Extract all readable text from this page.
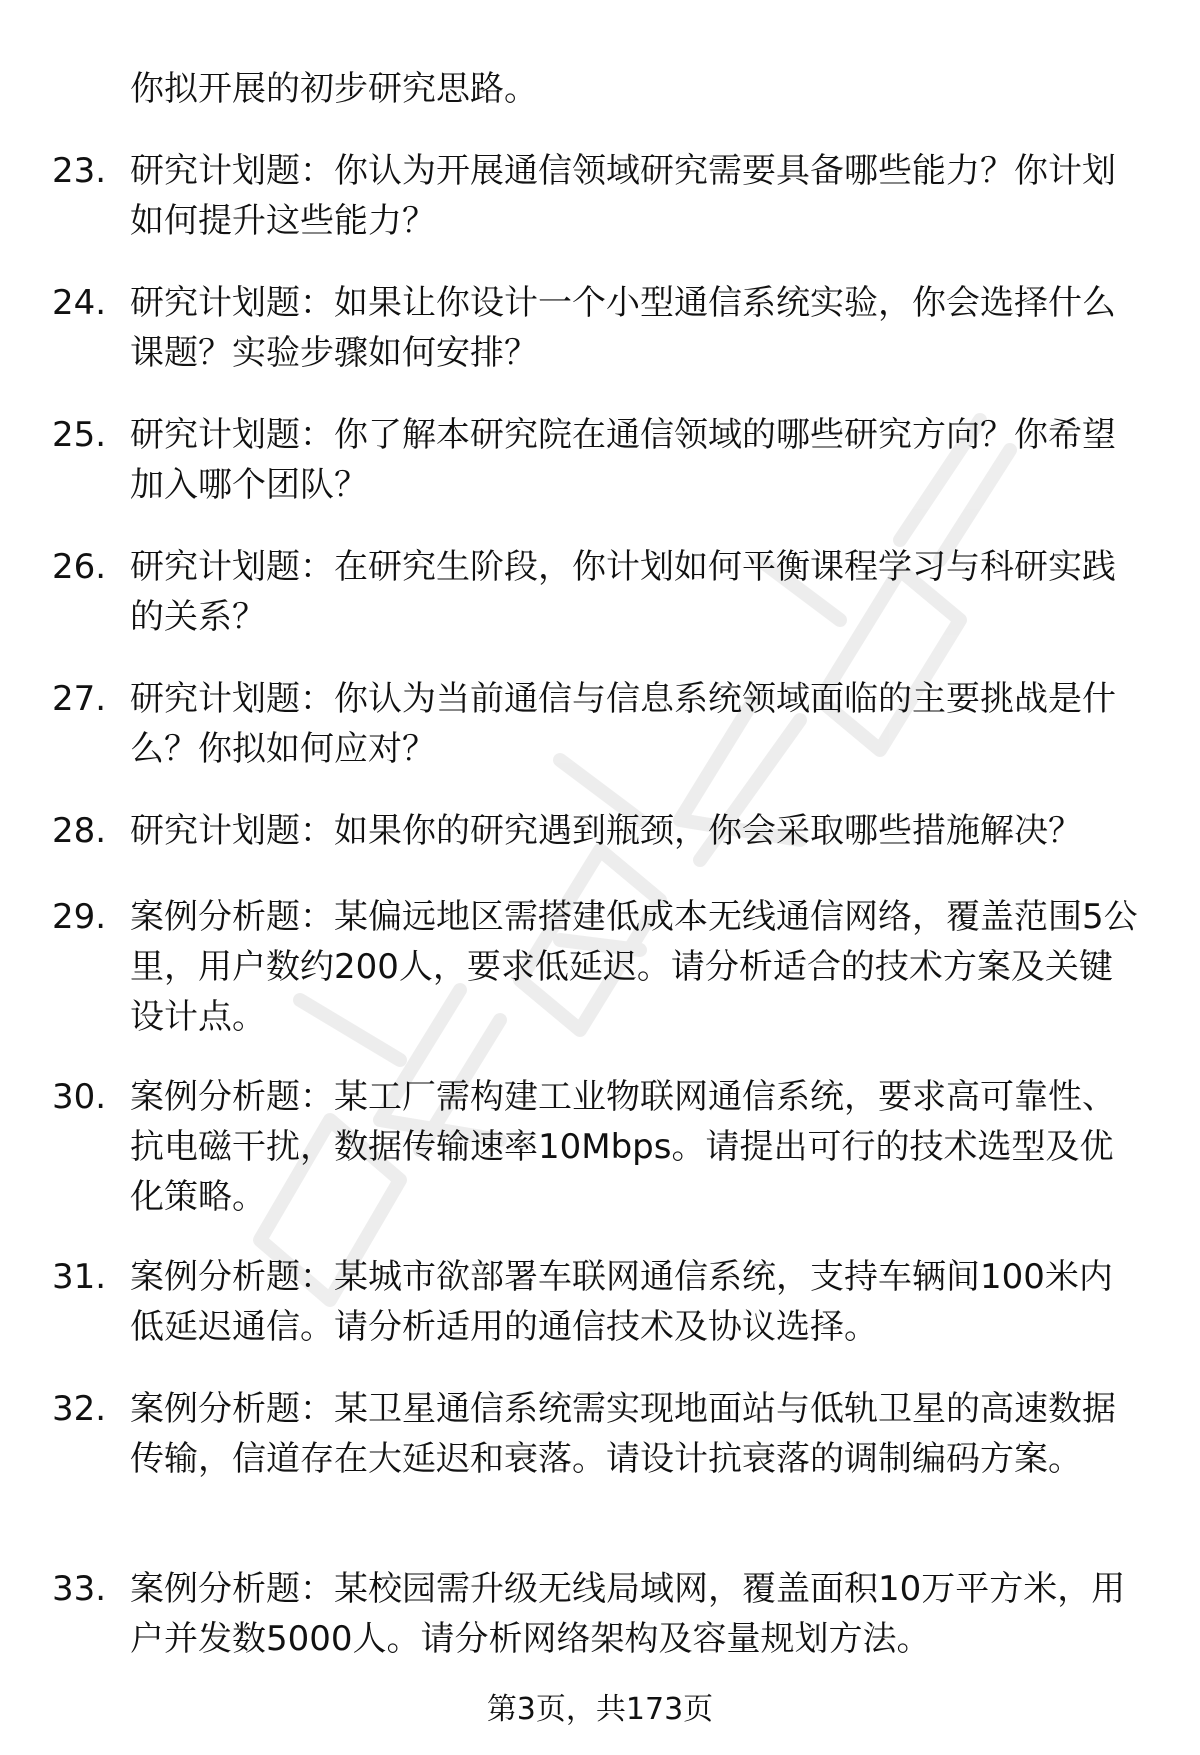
你拟开展的初步研究思路。
23. 研究计划题：你认为开展通信领域研究需要具备哪些能力？你计划如何提升这些能力？
24. 研究计划题：如果让你设计一个小型通信系统实验，你会选择什么课题？实验步骤如何安排？
25. 研究计划题：你了解本研究院在通信领域的哪些研究方向？你希望加入哪个团队？
26. 研究计划题：在研究生阶段，你计划如何平衡课程学习与科研实践的关系？
27. 研究计划题：你认为当前通信与信息系统领域面临的主要挑战是什么？你拟如何应对？
28. 研究计划题：如果你的研究遇到瓶颈，你会采取哪些措施解决？
29. 案例分析题：某偏远地区需搭建低成本无线通信网络，覆盖范围5公里，用户数约200人，要求低延迟。请分析适合的技术方案及关键设计点。
30. 案例分析题：某工厂需构建工业物联网通信系统，要求高可靠性、抗电磁干扰，数据传输速率10Mbps。请提出可行的技术选型及优化策略。
31. 案例分析题：某城市欲部署车联网通信系统，支持车辆间100米内低延迟通信。请分析适用的通信技术及协议选择。
32. 案例分析题：某卫星通信系统需实现地面站与低轨卫星的高速数据传输，信道存在大延迟和衰落。请设计抗衰落的调制编码方案。
33. 案例分析题：某校园需升级无线局域网，覆盖面积10万平方米，用户并发数5000人。请分析网络架构及容量规划方法。
第3页，共173页
